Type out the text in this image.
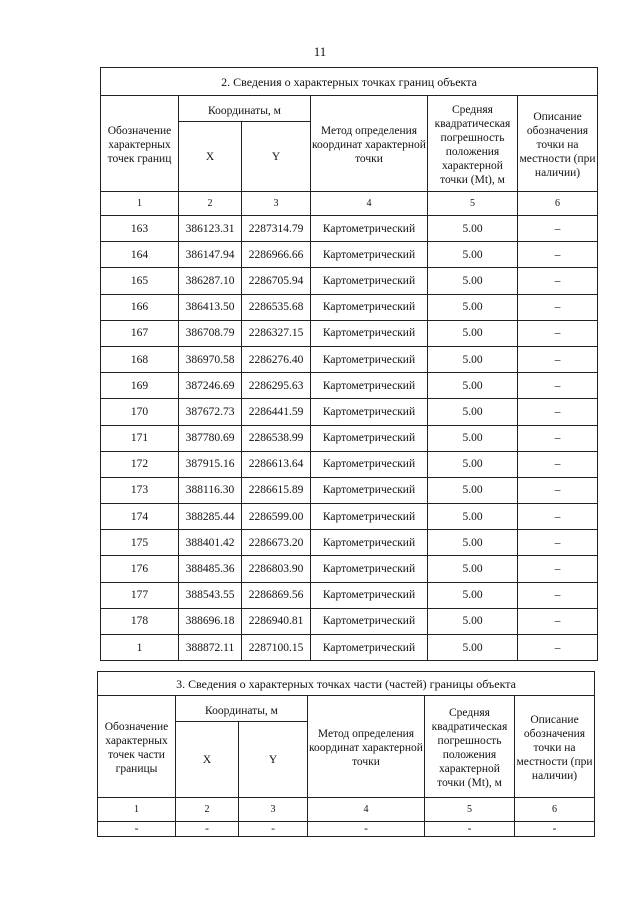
11
2. Сведения о характерных точках границ объекта					
Обозначение характерных точек границ	Координаты, м		Метод определения координат характерной точки	Средняя квадратическая погрешность положения характерной точки (Mt), м	Описание обозначения точки на местности (при наличии)
	X	Y			
1	2	3	4	5	6
163	386123.31	2287314.79	Картометрический	5.00	–
164	386147.94	2286966.66	Картометрический	5.00	–
165	386287.10	2286705.94	Картометрический	5.00	–
166	386413.50	2286535.68	Картометрический	5.00	–
167	386708.79	2286327.15	Картометрический	5.00	–
168	386970.58	2286276.40	Картометрический	5.00	–
169	387246.69	2286295.63	Картометрический	5.00	–
170	387672.73	2286441.59	Картометрический	5.00	–
171	387780.69	2286538.99	Картометрический	5.00	–
172	387915.16	2286613.64	Картометрический	5.00	–
173	388116.30	2286615.89	Картометрический	5.00	–
174	388285.44	2286599.00	Картометрический	5.00	–
175	388401.42	2286673.20	Картометрический	5.00	–
176	388485.36	2286803.90	Картометрический	5.00	–
177	388543.55	2286869.56	Картометрический	5.00	–
178	388696.18	2286940.81	Картометрический	5.00	–
1	388872.11	2287100.15	Картометрический	5.00	–
3. Сведения о характерных точках части (частей) границы объекта					
Обозначение характерных точек части границы	Координаты, м		Метод определения координат характерной точки	Средняя квадратическая погрешность положения характерной точки (Mt), м	Описание обозначения точки на местности (при наличии)
	X	Y			
1	2	3	4	5	6
-	-	-	-	-	-
